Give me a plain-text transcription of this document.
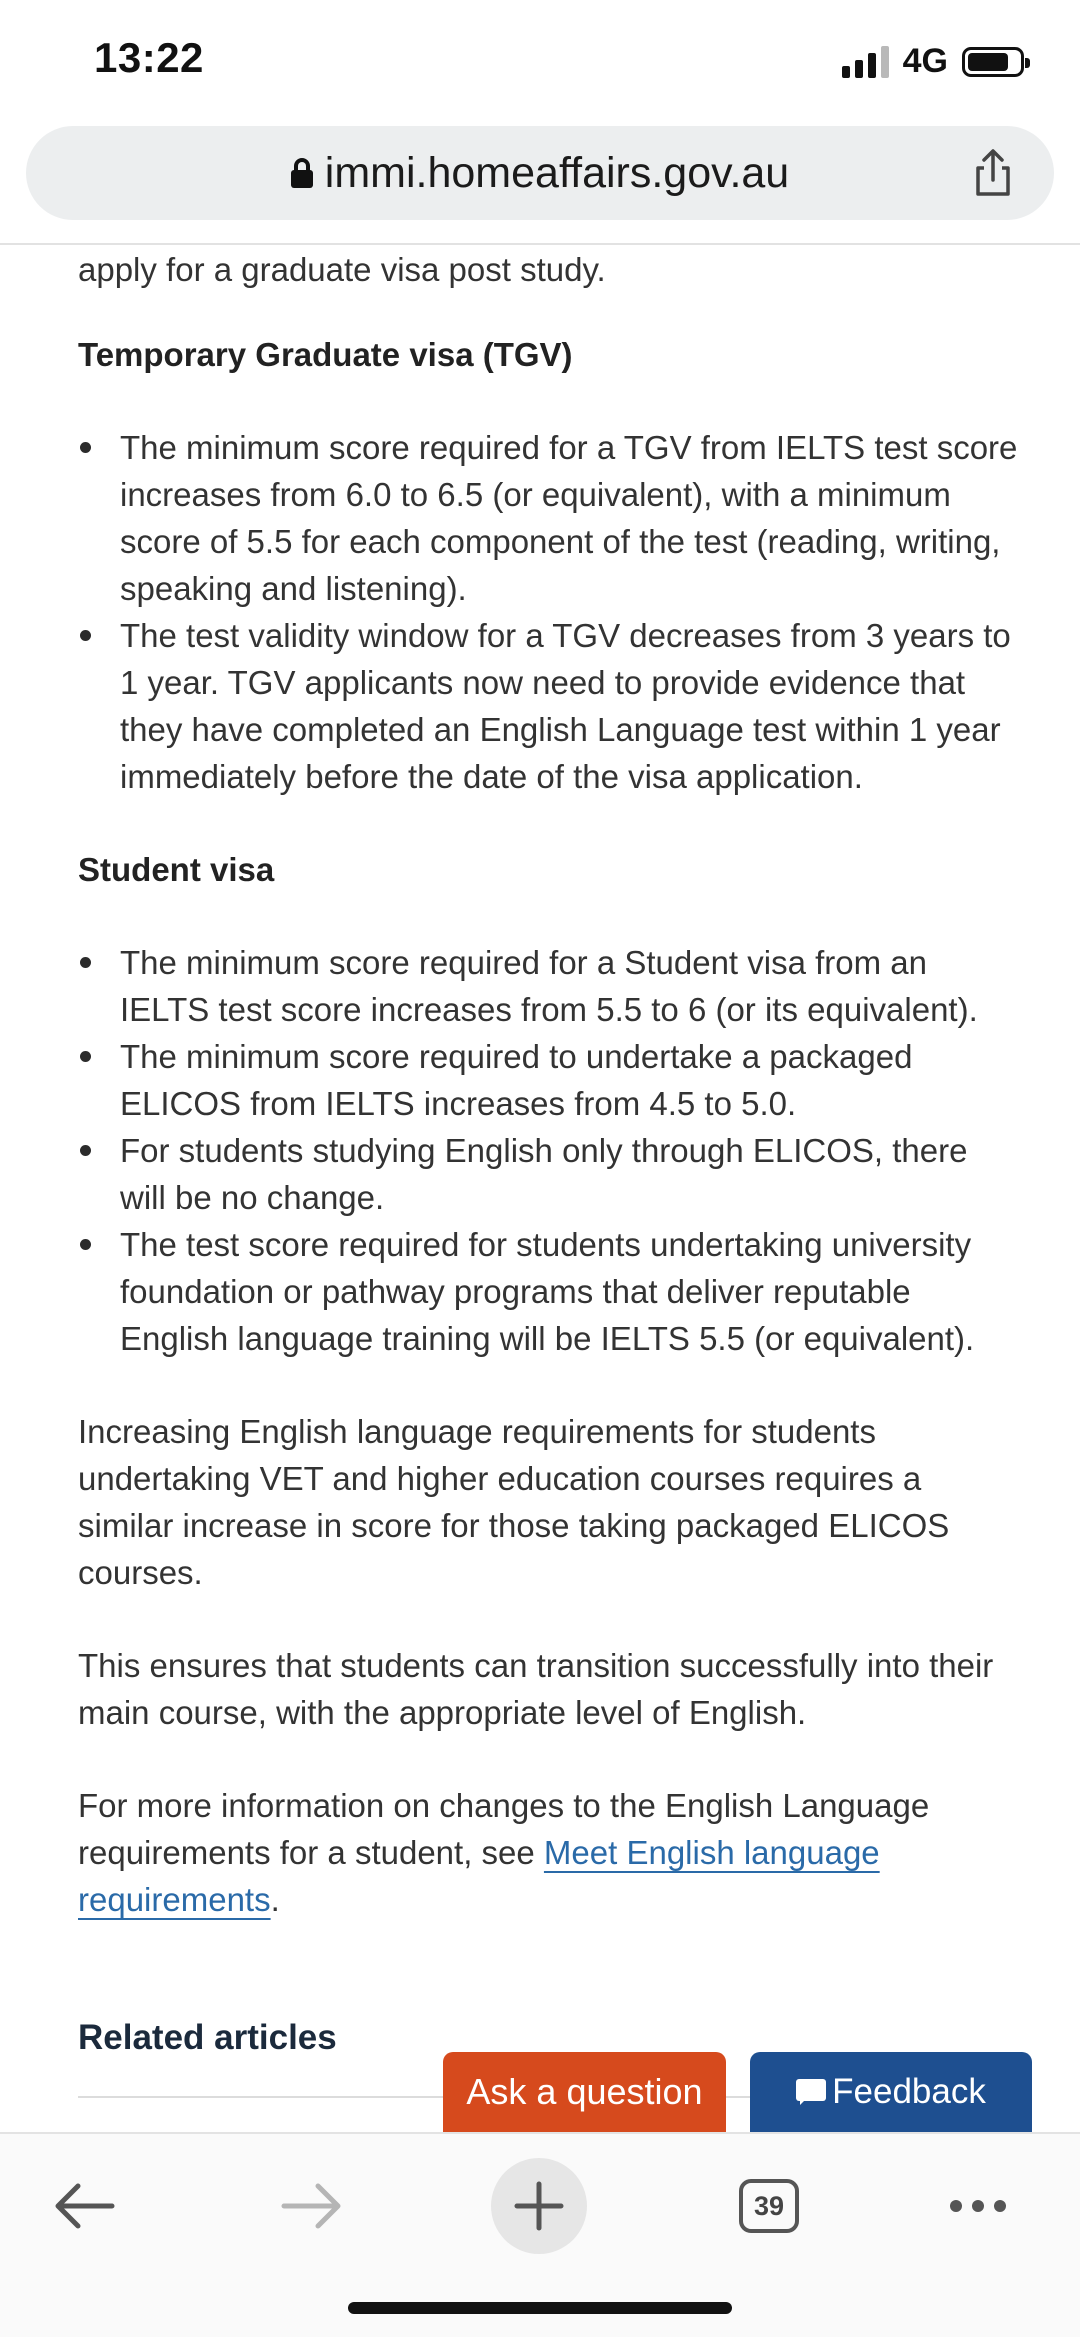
13:22	4G
immi.homeaffairs.gov.au

apply for a graduate visa post study.

Temporary Graduate visa (TGV)

The minimum score required for a TGV from IELTS test score increases from 6.0 to 6.5 (or equivalent), with a minimum score of 5.5 for each component of the test (reading, writing, speaking and listening).
The test validity window for a TGV decreases from 3 years to 1 year. TGV applicants now need to provide evidence that they have completed an English Language test within 1 year immediately before the date of the visa application.

Student visa

The minimum score required for a Student visa from an IELTS test score increases from 5.5 to 6 (or its equivalent).
The minimum score required to undertake a packaged ELICOS from IELTS increases from 4.5 to 5.0.
For students studying English only through ELICOS, there will be no change.
The test score required for students undertaking university foundation or pathway programs that deliver reputable English language training will be IELTS 5.5 (or equivalent).

Increasing English language requirements for students undertaking VET and higher education courses requires a similar increase in score for those taking packaged ELICOS courses.

This ensures that students can transition successfully into their main course, with the appropriate level of English.

For more information on changes to the English Language requirements for a student, see Meet English language requirements.

Related articles
Ask a question	Feedback
39
